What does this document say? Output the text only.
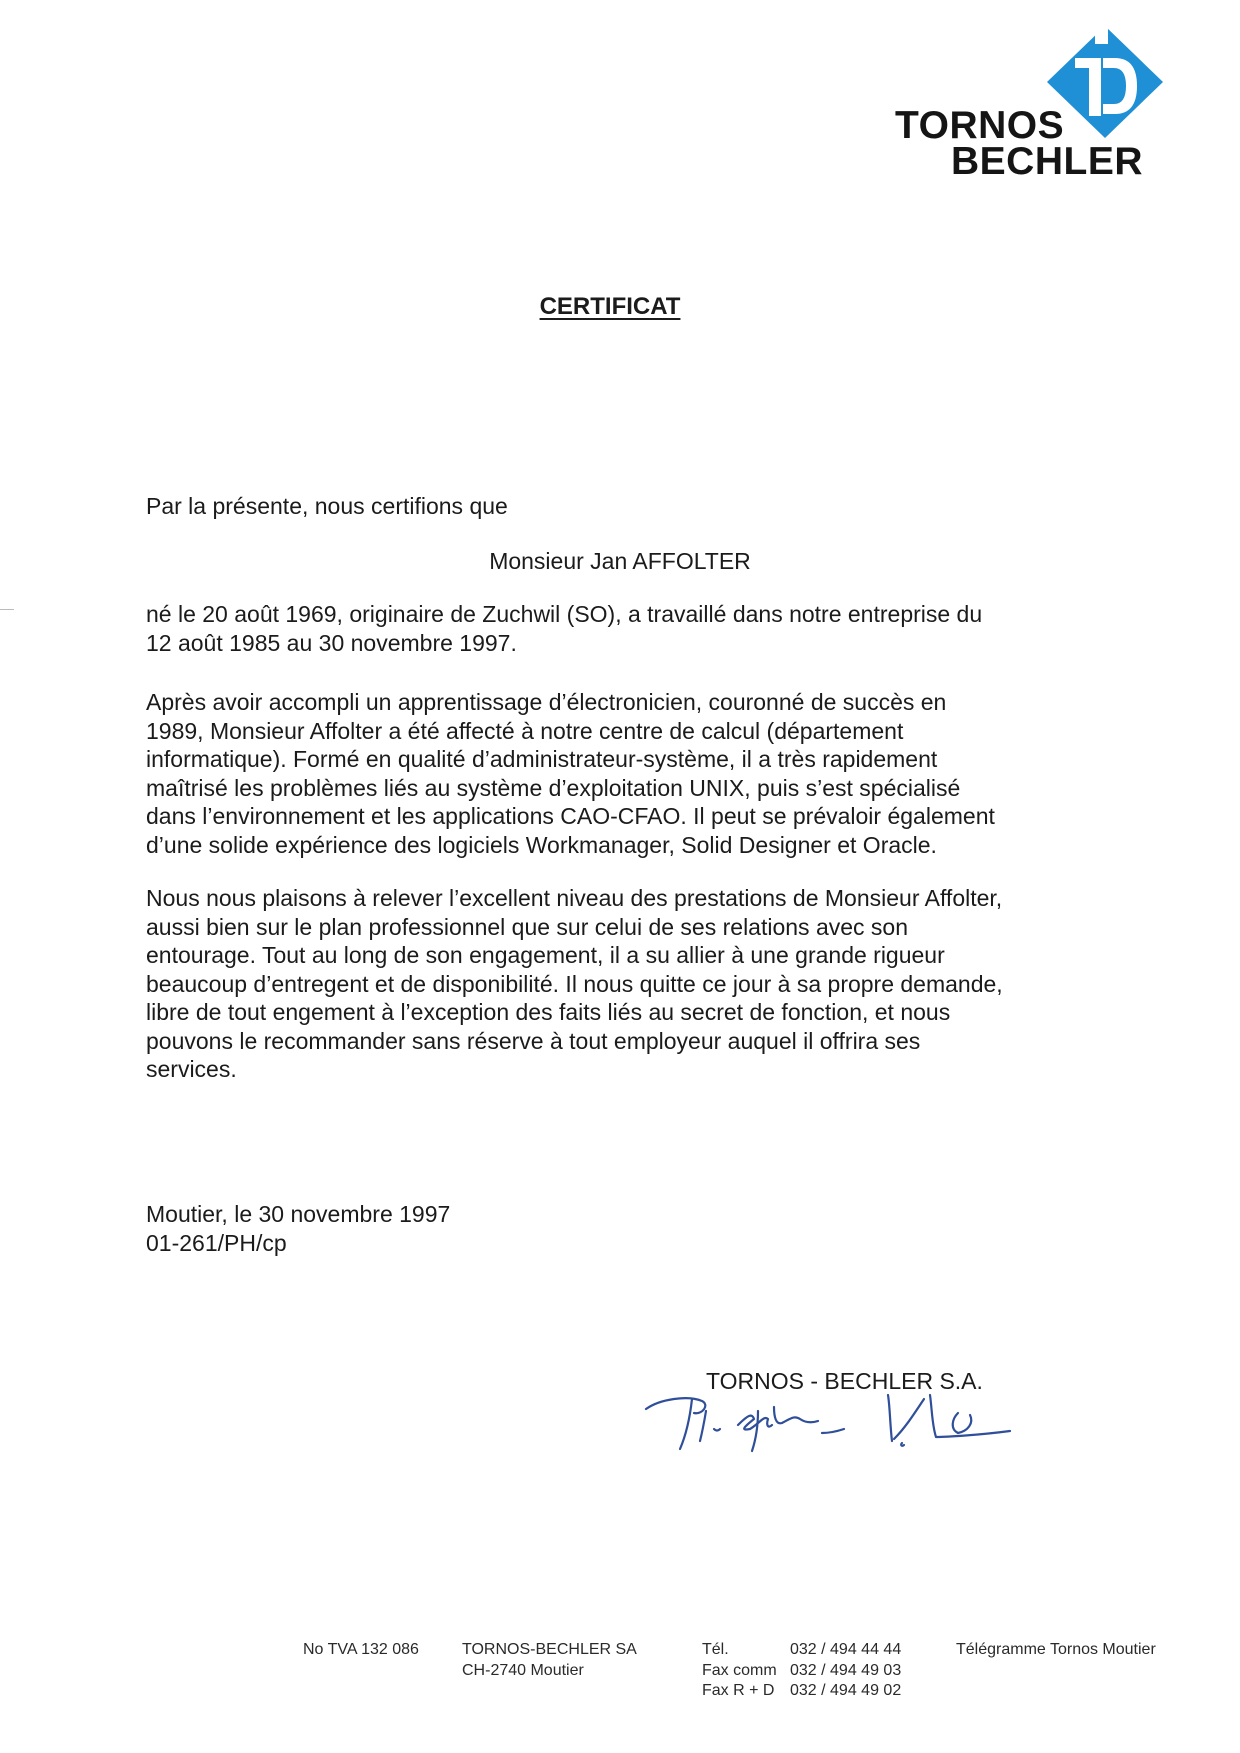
TORNOS
BECHLER
CERTIFICAT
Par la présente, nous certifions que
Monsieur Jan AFFOLTER
né le 20 août 1969, originaire de Zuchwil (SO), a travaillé dans notre entreprise du
12 août 1985 au 30 novembre 1997.
Après avoir accompli un apprentissage d’électronicien, couronné de succès en
1989, Monsieur Affolter a été affecté à notre centre de calcul (département
informatique). Formé en qualité d’administrateur-système, il a très rapidement
maîtrisé les problèmes liés au système d’exploitation UNIX, puis s’est spécialisé
dans l’environnement et les applications CAO-CFAO. Il peut se prévaloir également
d’une solide expérience des logiciels Workmanager, Solid Designer et Oracle.
Nous nous plaisons à relever l’excellent niveau des prestations de Monsieur Affolter,
aussi bien sur le plan professionnel que sur celui de ses relations avec son
entourage. Tout au long de son engagement, il a su allier à une grande rigueur
beaucoup d’entregent et de disponibilité. Il nous quitte ce jour à sa propre demande,
libre de tout engement à l’exception des faits liés au secret de fonction, et nous
pouvons le recommander sans réserve à tout employeur auquel il offrira ses
services.
Moutier, le 30 novembre 1997
01-261/PH/cp
TORNOS - BECHLER S.A.
No TVA 132 086	TORNOS-BECHLER SA
CH-2740 Moutier
Tél.	032 / 494 44 44
Fax comm 032 / 494 49 03
Fax R + D 032 / 494 49 02
Télégramme Tornos Moutier
